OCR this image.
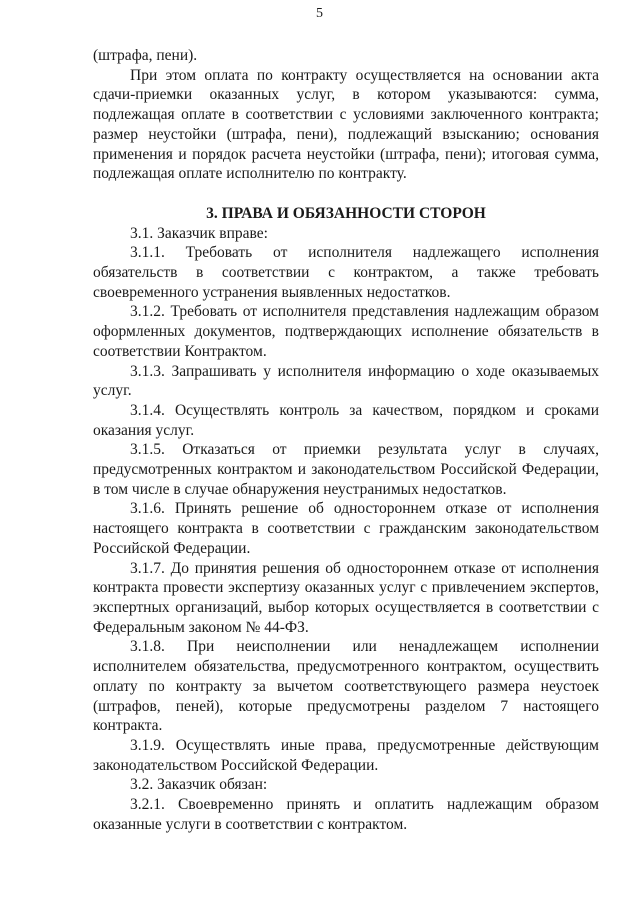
5

(штрафа, пени).

При этом оплата по контракту осуществляется на основании акта сдачи-приемки оказанных услуг, в котором указываются: сумма, подлежащая оплате в соответствии с условиями заключенного контракта; размер неустойки (штрафа, пени), подлежащий взысканию; основания применения и порядок расчета неустойки (штрафа, пени); итоговая сумма, подлежащая оплате исполнителю по контракту.

3. ПРАВА И ОБЯЗАННОСТИ СТОРОН

3.1. Заказчик вправе:

3.1.1. Требовать от исполнителя надлежащего исполнения обязательств в соответствии с контрактом, а также требовать своевременного устранения выявленных недостатков.

3.1.2. Требовать от исполнителя представления надлежащим образом оформленных документов, подтверждающих исполнение обязательств в соответствии Контрактом.

3.1.3. Запрашивать у исполнителя информацию о ходе оказываемых услуг.

3.1.4. Осуществлять контроль за качеством, порядком и сроками оказания услуг.

3.1.5. Отказаться от приемки результата услуг в случаях, предусмотренных контрактом и законодательством Российской Федерации, в том числе в случае обнаружения неустранимых недостатков.

3.1.6. Принять решение об одностороннем отказе от исполнения настоящего контракта в соответствии с гражданским законодательством Российской Федерации.

3.1.7. До принятия решения об одностороннем отказе от исполнения контракта провести экспертизу оказанных услуг с привлечением экспертов, экспертных организаций, выбор которых осуществляется в соответствии с Федеральным законом № 44-ФЗ.

3.1.8. При неисполнении или ненадлежащем исполнении исполнителем обязательства, предусмотренного контрактом, осуществить оплату по контракту за вычетом соответствующего размера неустоек (штрафов, пеней), которые предусмотрены разделом 7 настоящего контракта.

3.1.9. Осуществлять иные права, предусмотренные действующим законодательством Российской Федерации.

3.2. Заказчик обязан:

3.2.1. Своевременно принять и оплатить надлежащим образом оказанные услуги в соответствии с контрактом.
